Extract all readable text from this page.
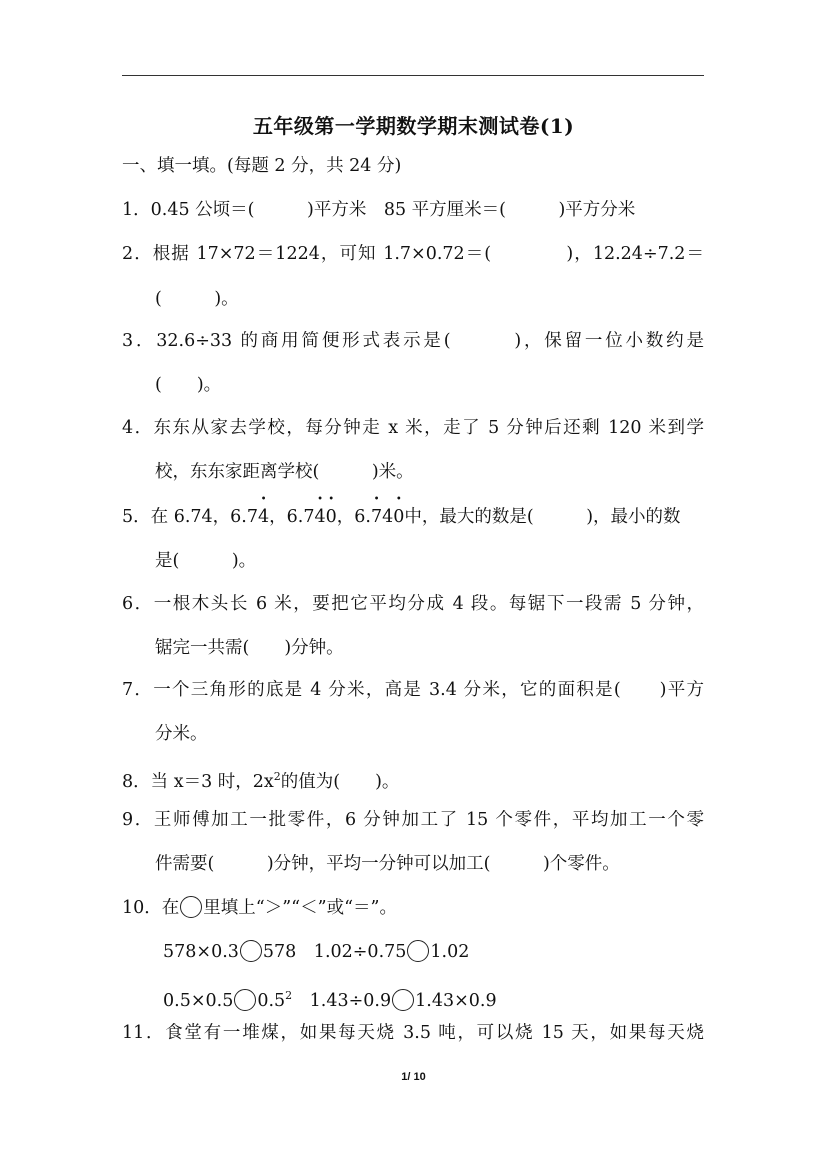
五年级第一学期数学期末测试卷(1)
一、填一填。(每题 2 分，共 24 分)
1．0.45 公顷＝(　　　)平方米　85 平方厘米＝(　　　)平方分米
2．根据 17×72＝1224，可知 1.7×0.72＝(　　　　)，12.24÷7.2＝
(　　　)。
3．32.6÷33 的商用简便形式表示是(　　　)，保留一位小数约是
(　　)。
4．东东从家去学校，每分钟走 x 米，走了 5 分钟后还剩 120 米到学
校，东东家距离学校(　　　)米。
5．在 6.74，6.7
•
4，6.7
•
4
•
0，6.
•
74
•
0中，最大的数是(　　　)，最小的数
是(　　　)。
6．一根木头长 6 米，要把它平均分成 4 段。每锯下一段需 5 分钟，
锯完一共需(　　)分钟。
7．一个三角形的底是 4 分米，高是 3.4 分米，它的面积是(　　)平方
分米。
8．当 x＝3 时，$2x^2$的值为(　　)。
9．王师傅加工一批零件，6 分钟加工了 15 个零件，平均加工一个零
件需要(　　　)分钟，平均一分钟可以加工(　　　)个零件。
10．在 里填上“＞”“＜”或“＝”。
578×0.3 578　1.02÷0.75 1.02
0.5×0.5 $0.5^2$　1.43÷0.9 1.43×0.9
11．食堂有一堆煤，如果每天烧 3.5 吨，可以烧 15 天，如果每天烧
1/ 10
